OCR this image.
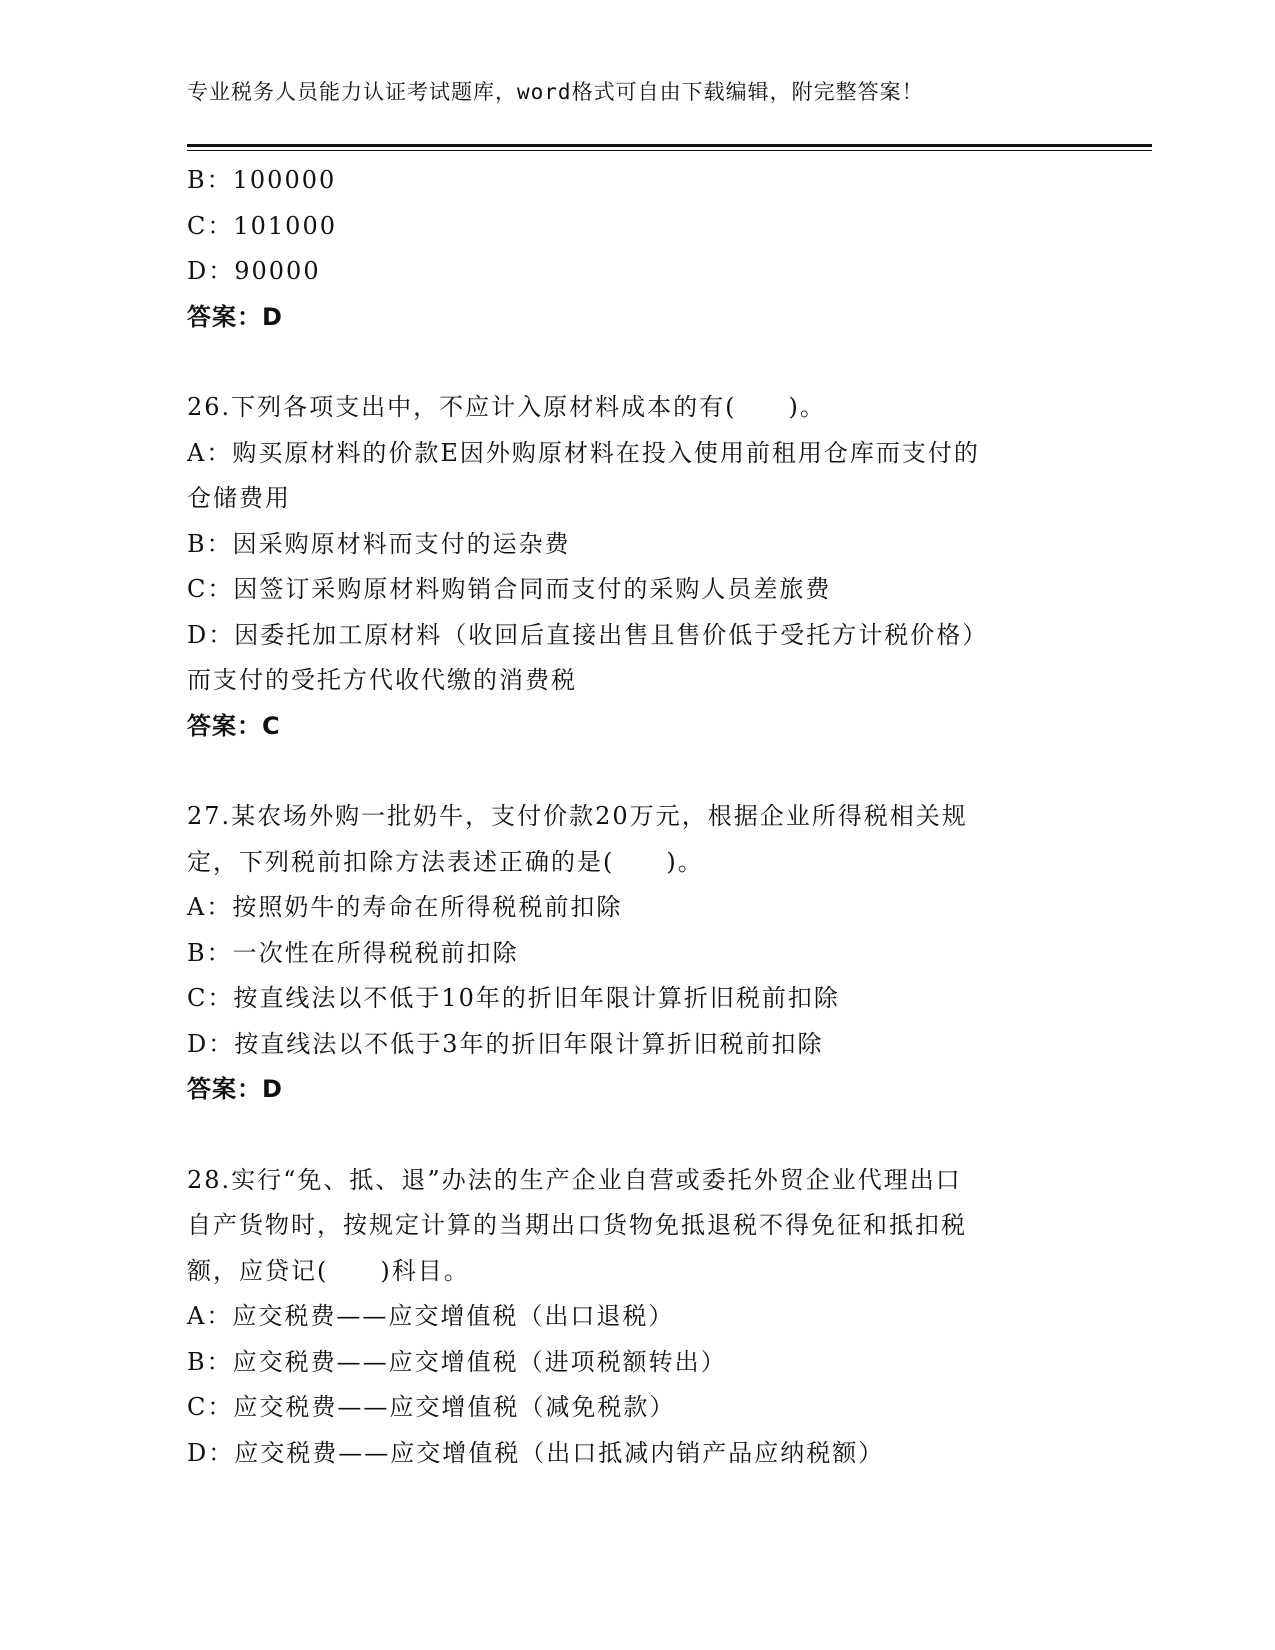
专业税务人员能力认证考试题库，word格式可自由下载编辑，附完整答案！
B：100000
C：101000
D：90000
答案：D
26.下列各项支出中，不应计入原材料成本的有(　　)。
A：购买原材料的价款E因外购原材料在投入使用前租用仓库而支付的
仓储费用
B：因采购原材料而支付的运杂费
C：因签订采购原材料购销合同而支付的采购人员差旅费
D：因委托加工原材料（收回后直接出售且售价低于受托方计税价格）
而支付的受托方代收代缴的消费税
答案：C
27.某农场外购一批奶牛，支付价款20万元，根据企业所得税相关规
定，下列税前扣除方法表述正确的是(　　)。
A：按照奶牛的寿命在所得税税前扣除
B：一次性在所得税税前扣除
C：按直线法以不低于10年的折旧年限计算折旧税前扣除
D：按直线法以不低于3年的折旧年限计算折旧税前扣除
答案：D
28.实行“免、抵、退”办法的生产企业自营或委托外贸企业代理出口
自产货物时，按规定计算的当期出口货物免抵退税不得免征和抵扣税
额，应贷记(　　)科目。
A：应交税费——应交增值税（出口退税）
B：应交税费——应交增值税（进项税额转出）
C：应交税费——应交增值税（减免税款）
D：应交税费——应交增值税（出口抵减内销产品应纳税额）
